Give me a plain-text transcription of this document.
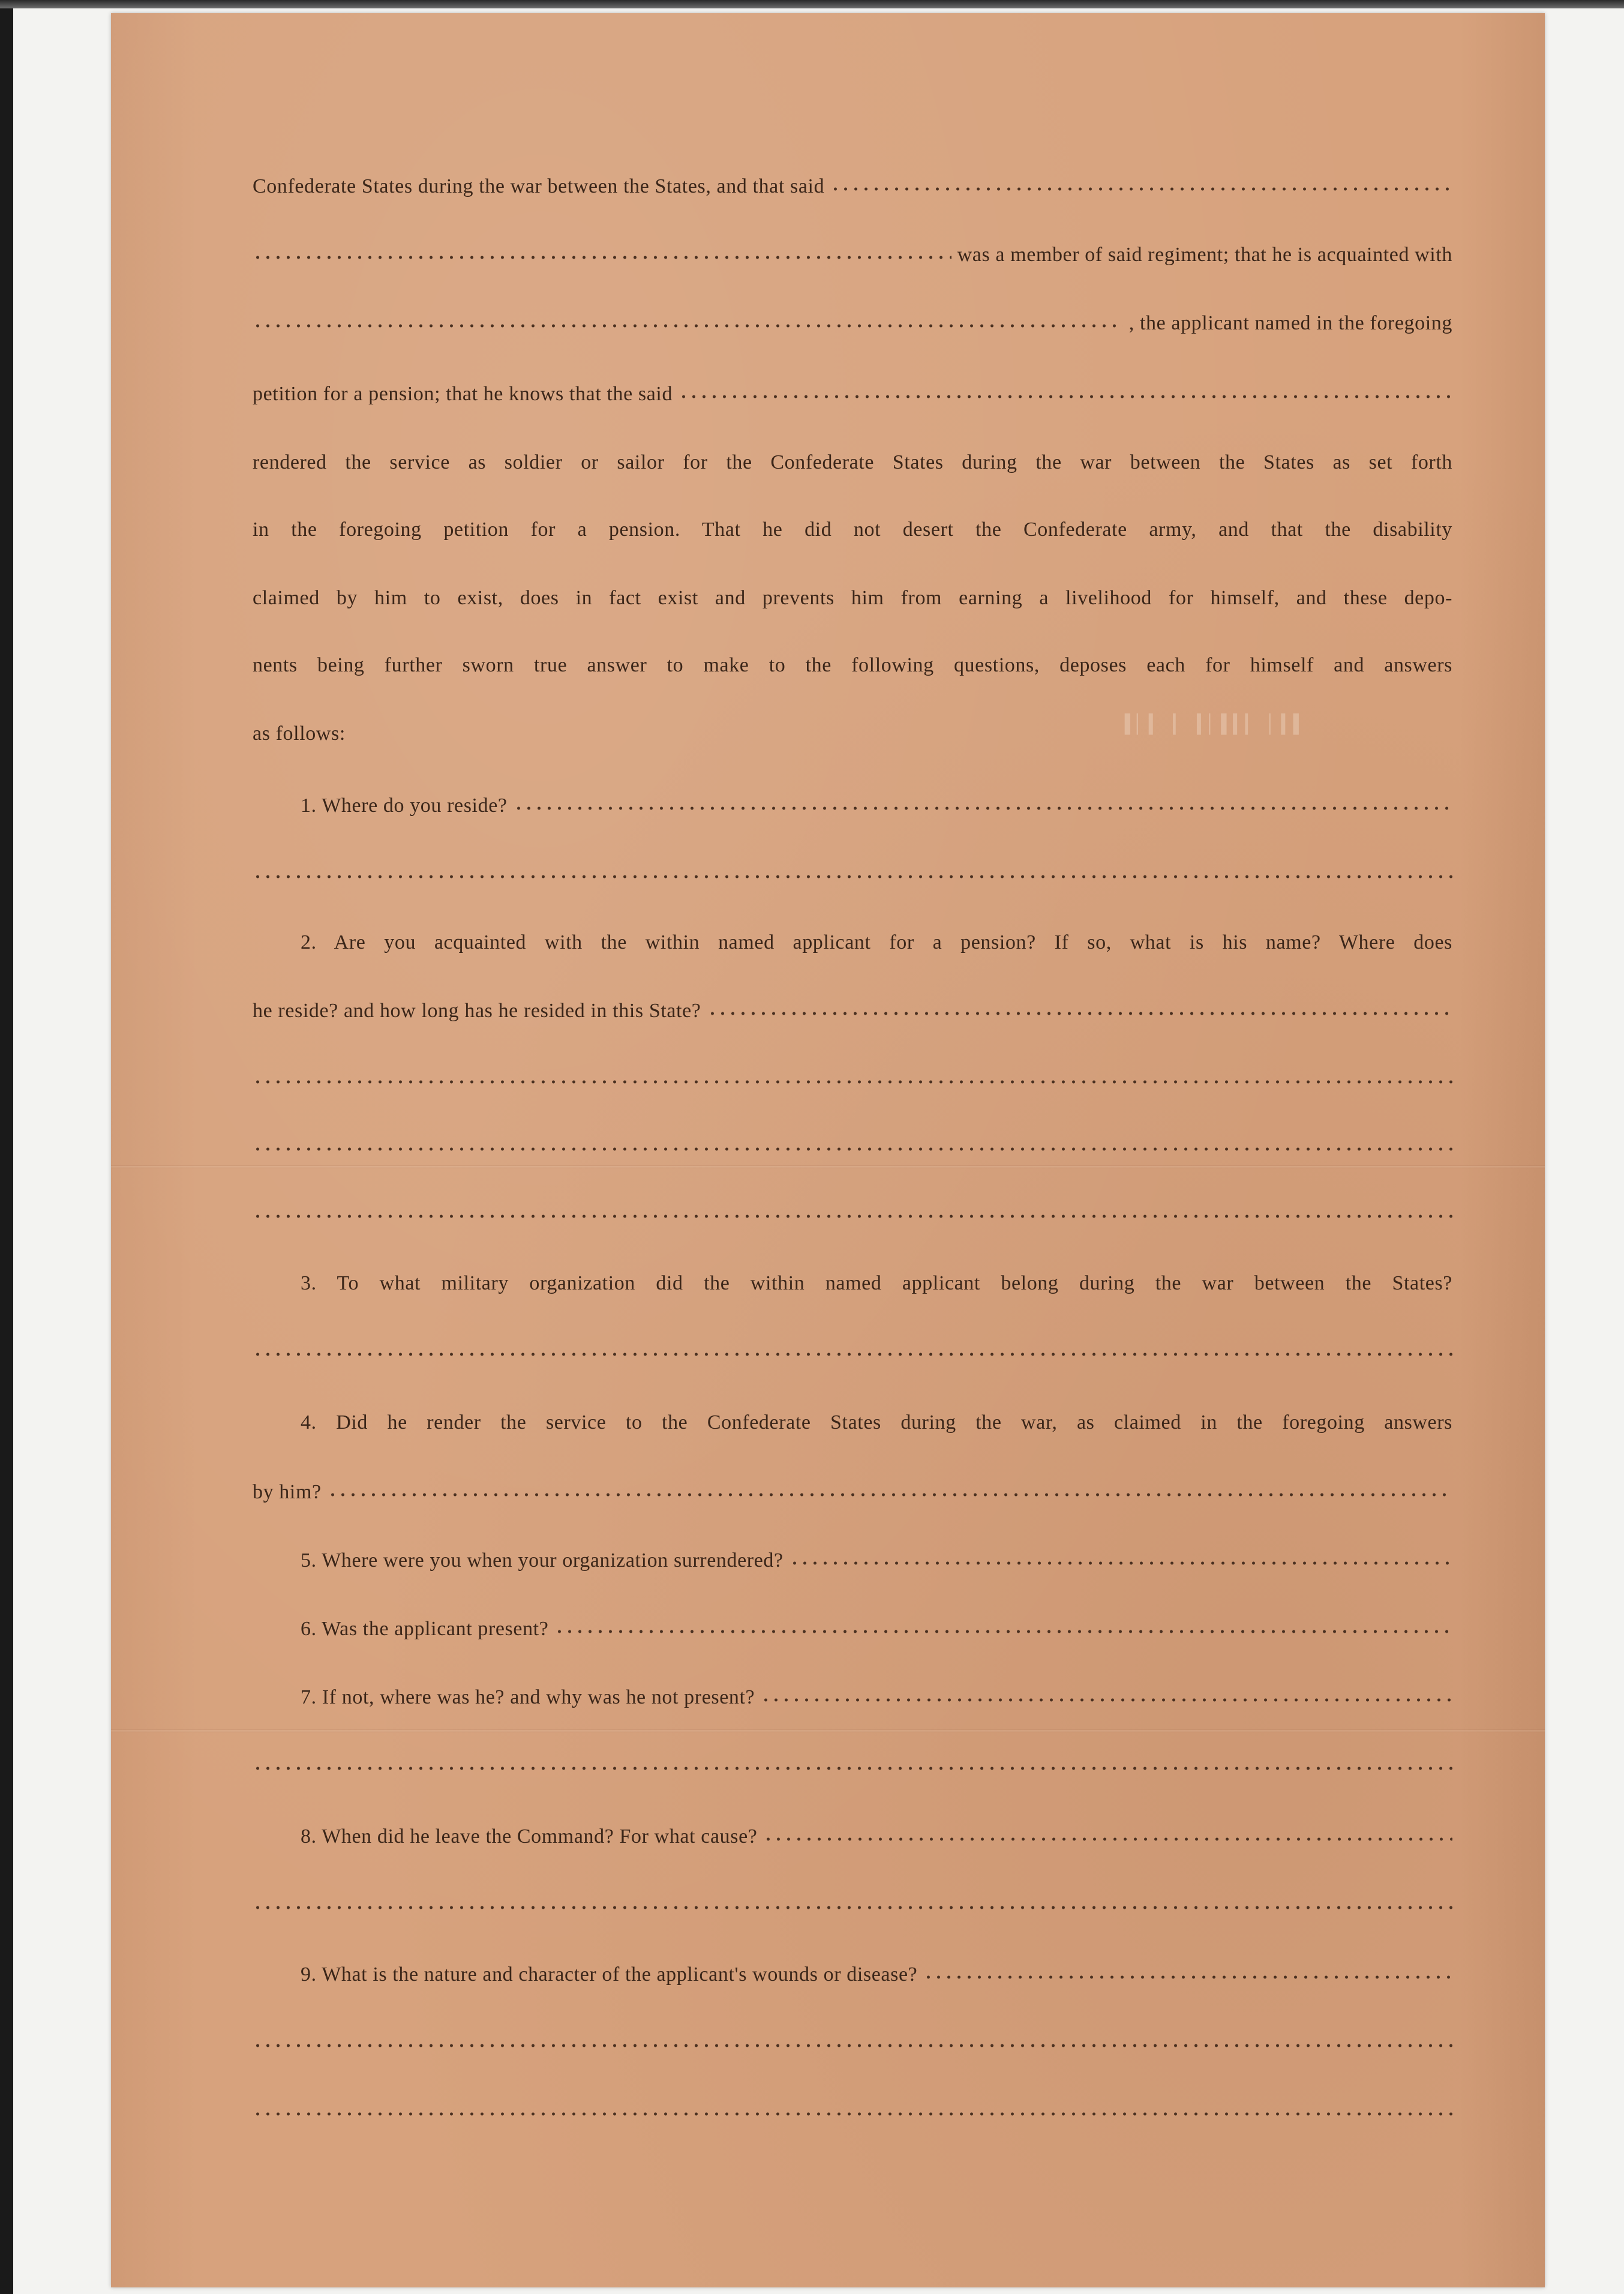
Confederate States during the war between the States, and that said
was a member of said regiment; that he is acquainted with
, the applicant named in the foregoing
petition for a pension; that he knows that the said
rendered the service as soldier or sailor for the Confederate States during the war between the States as set forth
in the foregoing petition for a pension. That he did not desert the Confederate army, and that the disability
claimed by him to exist, does in fact exist and prevents him from earning a livelihood for himself, and these depo-
nents being further sworn true answer to make to the following questions, deposes each for himself and answers
as follows:	▌▏▍ ▎ ▍▏▌▍▎ ▏▍▌
1. Where do you reside?
2. Are you acquainted with the within named applicant for a pension? If so, what is his name? Where does
he reside? and how long has he resided in this State?
3. To what military organization did the within named applicant belong during the war between the States?
4. Did he render the service to the Confederate States during the war, as claimed in the foregoing answers
by him?
5. Where were you when your organization surrendered?
6. Was the applicant present?
7. If not, where was he? and why was he not present?
8. When did he leave the Command? For what cause?
9. What is the nature and character of the applicant's wounds or disease?
